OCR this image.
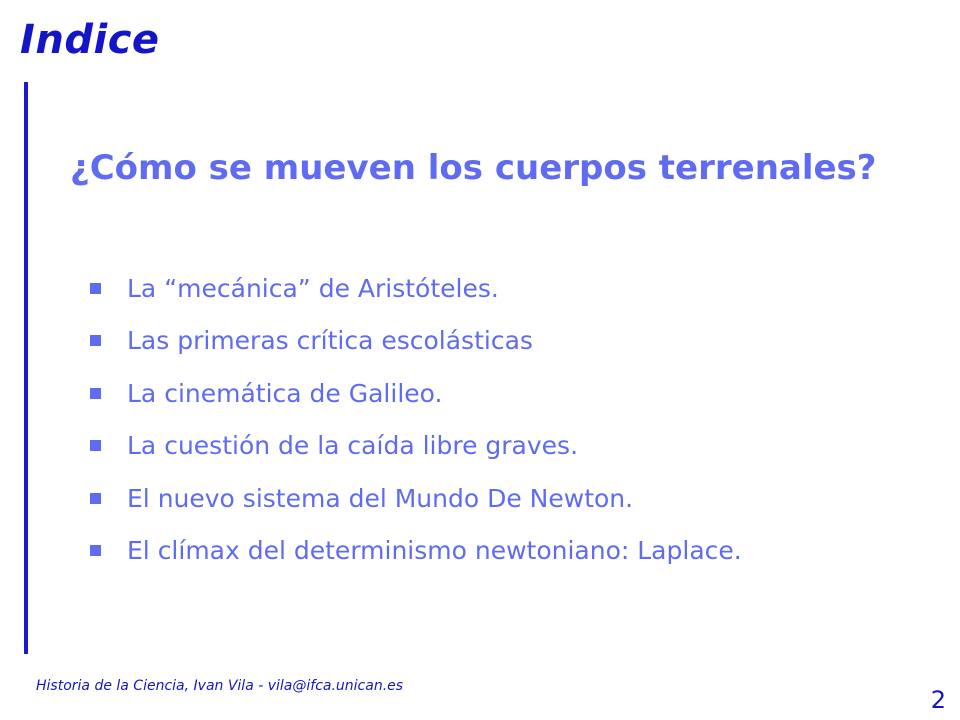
Indice
¿Cómo se mueven los cuerpos terrenales?
La “mecánica” de Aristóteles.
Las primeras crítica escolásticas
La cinemática de Galileo.
La cuestión de la caída libre graves.
El nuevo sistema del Mundo De Newton.
El clímax del determinismo newtoniano: Laplace.

Historia de la Ciencia, Ivan Vila - vila@ifca.unican.es	2
